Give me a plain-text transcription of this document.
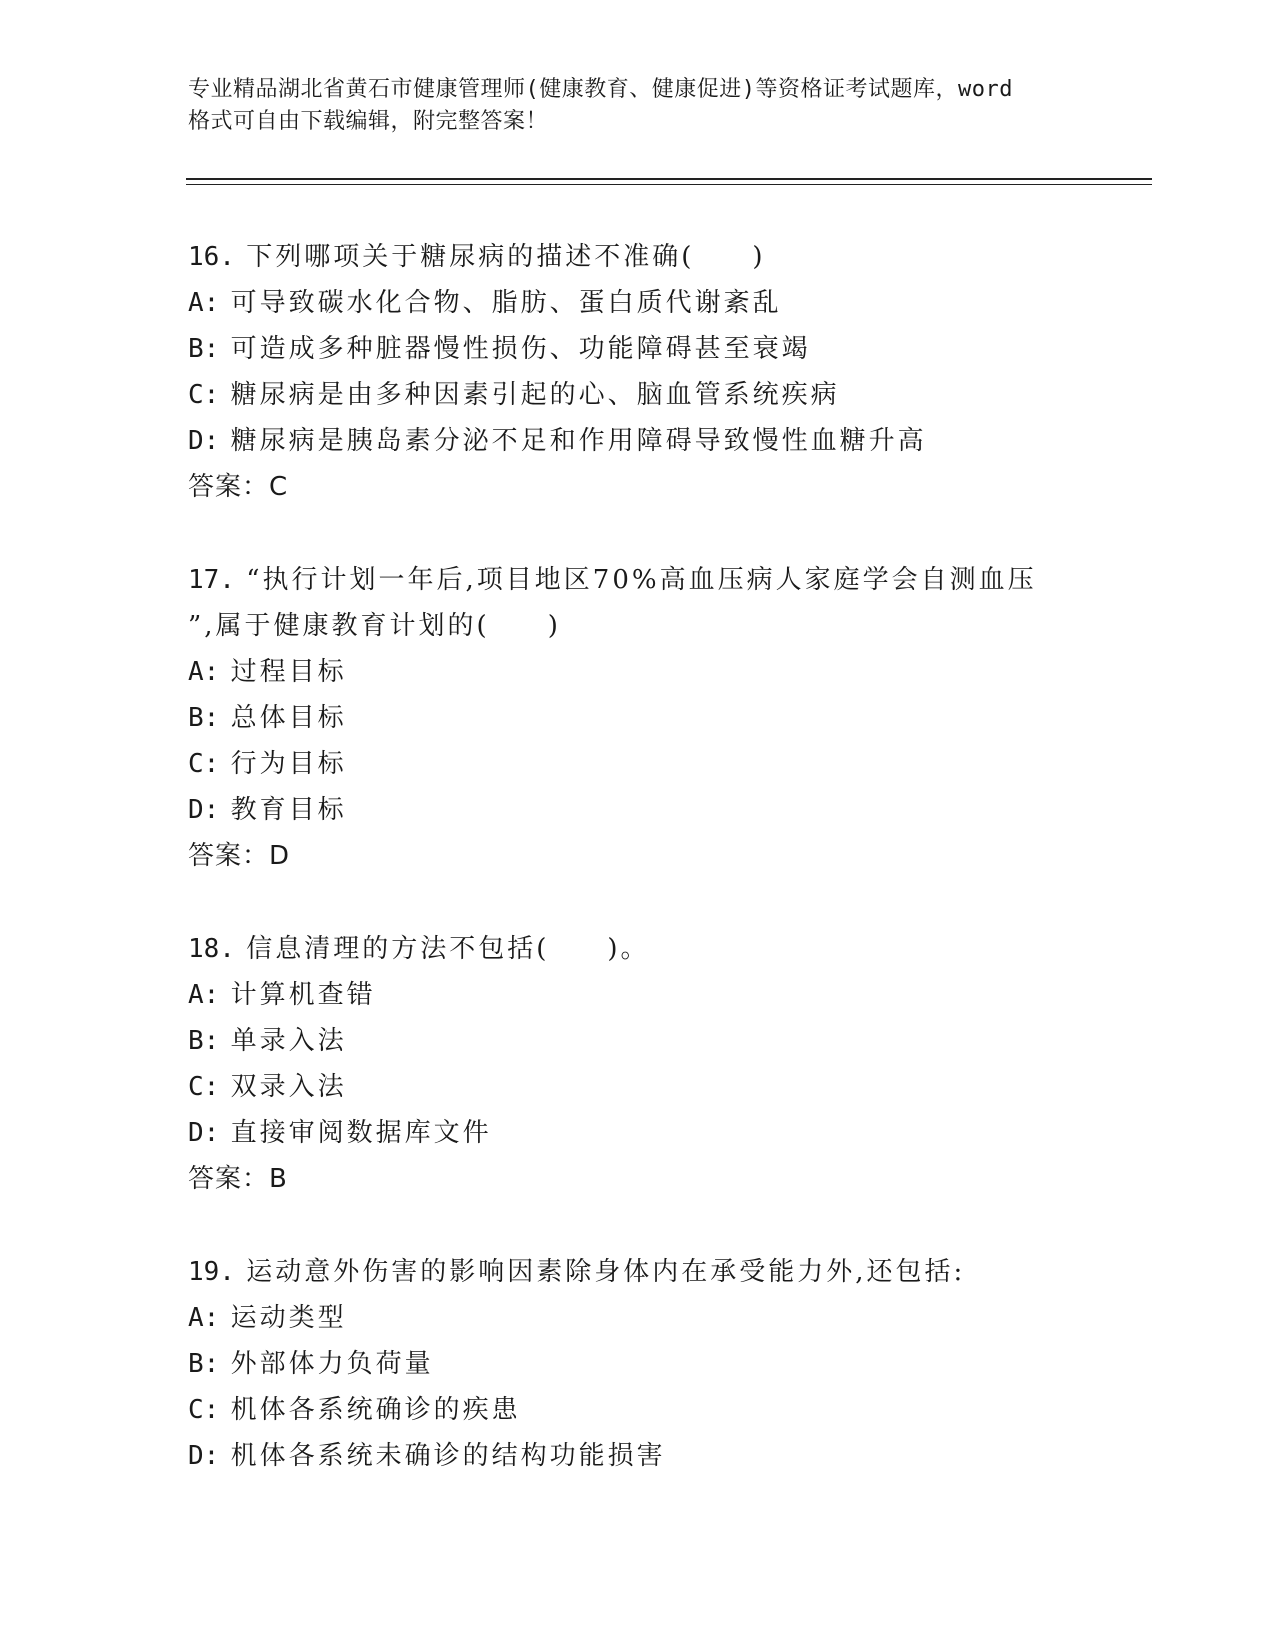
专业精品湖北省黄石市健康管理师(健康教育、健康促进)等资格证考试题库，word
格式可自由下载编辑，附完整答案！
16. 下列哪项关于糖尿病的描述不准确(　　)
A: 可导致碳水化合物、脂肪、蛋白质代谢紊乱
B: 可造成多种脏器慢性损伤、功能障碍甚至衰竭
C: 糖尿病是由多种因素引起的心、脑血管系统疾病
D: 糖尿病是胰岛素分泌不足和作用障碍导致慢性血糖升高
答案：C
17. “执行计划一年后,项目地区70%高血压病人家庭学会自测血压
”,属于健康教育计划的(　　)
A: 过程目标
B: 总体目标
C: 行为目标
D: 教育目标
答案：D
18. 信息清理的方法不包括(　　)。
A: 计算机查错
B: 单录入法
C: 双录入法
D: 直接审阅数据库文件
答案：B
19. 运动意外伤害的影响因素除身体内在承受能力外,还包括:
A: 运动类型
B: 外部体力负荷量
C: 机体各系统确诊的疾患
D: 机体各系统未确诊的结构功能损害
